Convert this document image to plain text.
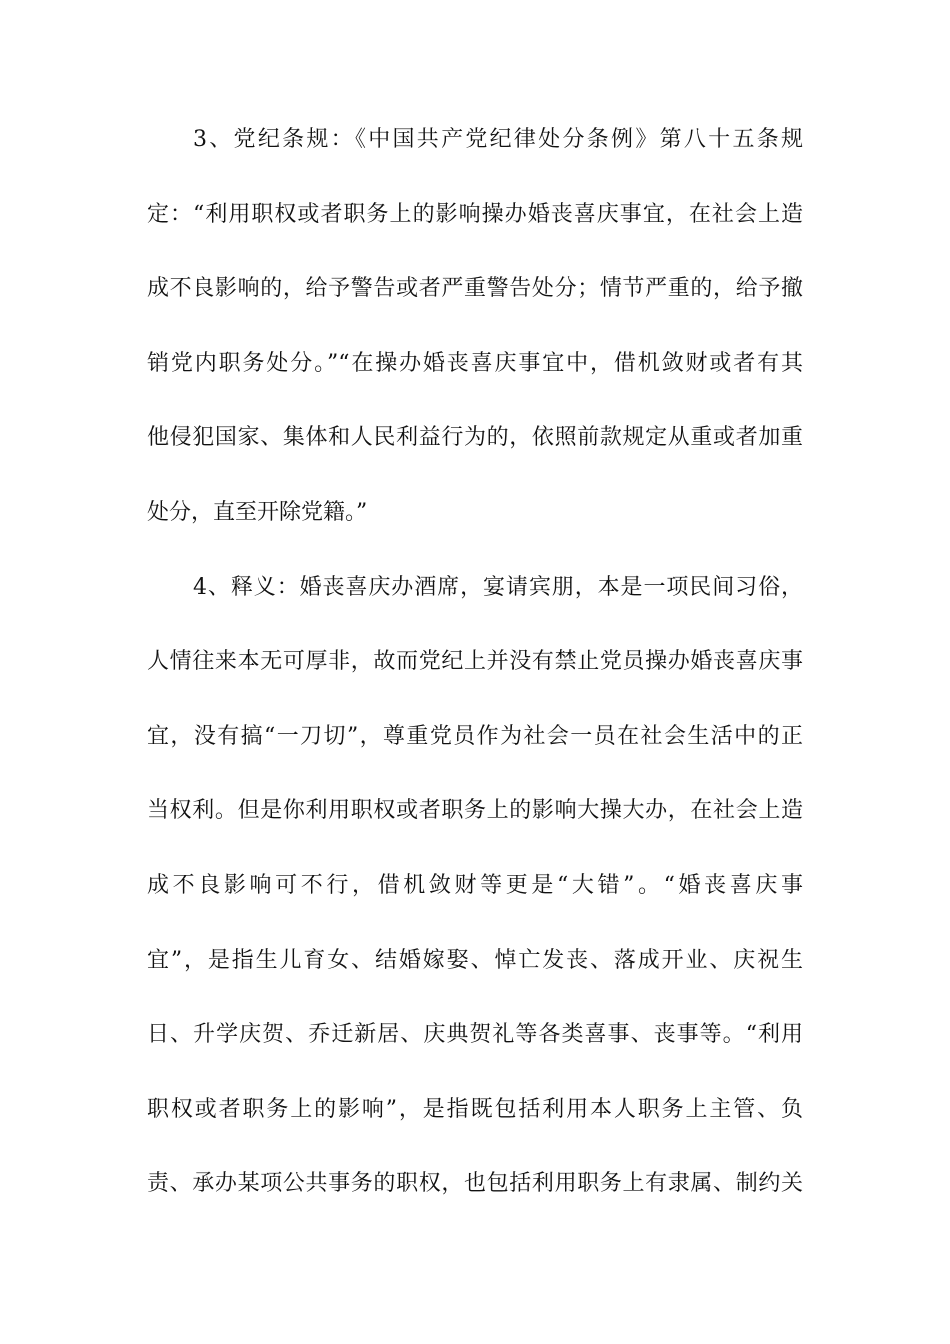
3、党纪条规：《中国共产党纪律处分条例》第八十五条规
定：“利用职权或者职务上的影响操办婚丧喜庆事宜，在社会上造
成不良影响的，给予警告或者严重警告处分；情节严重的，给予撤
销党内职务处分。”“在操办婚丧喜庆事宜中，借机敛财或者有其
他侵犯国家、集体和人民利益行为的，依照前款规定从重或者加重
处分，直至开除党籍。”
4、释义：婚丧喜庆办酒席，宴请宾朋，本是一项民间习俗，
人情往来本无可厚非，故而党纪上并没有禁止党员操办婚丧喜庆事
宜，没有搞“一刀切”，尊重党员作为社会一员在社会生活中的正
当权利。但是你利用职权或者职务上的影响大操大办，在社会上造
成不良影响可不行，借机敛财等更是“大错”。“婚丧喜庆事
宜”，是指生儿育女、结婚嫁娶、悼亡发丧、落成开业、庆祝生
日、升学庆贺、乔迁新居、庆典贺礼等各类喜事、丧事等。“利用
职权或者职务上的影响”，是指既包括利用本人职务上主管、负
责、承办某项公共事务的职权，也包括利用职务上有隶属、制约关
